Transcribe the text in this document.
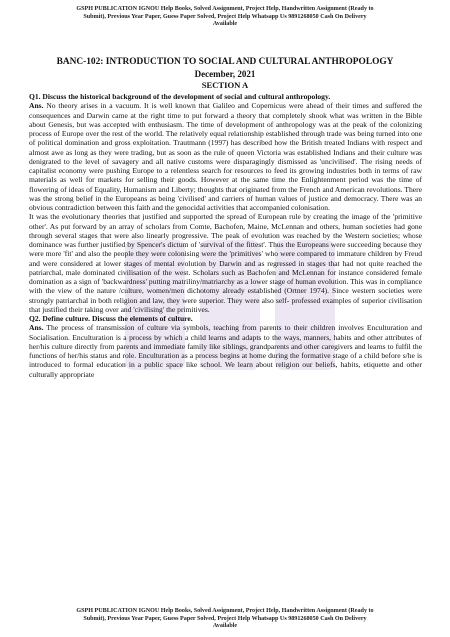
GSPH PUBLICATION IGNOU Help Books, Solved Assignment, Project Help, Handwritten Assignment (Ready to
Submit), Previous Year Paper, Guess Paper Solved, Project Help Whatsapp Us 9891268050 Cash On Delivery
Available
BANC-102: INTRODUCTION TO SOCIAL AND CULTURAL ANTHROPOLOGY
December, 2021
SECTION A
Q1. Discuss the historical background of the development of social and cultural anthropology.
Ans. No theory arises in a vacuum. It is well known that Galileo and Copernicus were ahead of their times and suffered the consequences and Darwin came at the right time to put forward a theory that completely shook what was written in the Bible about Genesis, but was accepted with enthusiasm. The time of development of anthropology was at the peak of the colonizing process of Europe over the rest of the world. The relatively equal relationship established through trade was being turned into one of political domination and gross exploitation. Trautmann (1997) has described how the British treated Indians with respect and almost awe as long as they were trading, but as soon as the rule of queen Victoria was established Indians and their culture was denigrated to the level of savagery and all native customs were disparagingly dismissed as 'uncivilised'. The rising needs of capitalist economy were pushing Europe to a relentless search for resources to feed its growing industries both in terms of raw materials as well for markets for selling their goods. However at the same time the Enlightenment period was the time of flowering of ideas of Equality, Humanism and Liberty; thoughts that originated from the French and American revolutions. There was the strong belief in the Europeans as being 'civilised' and carriers of human values of justice and democracy. There was an obvious contradiction between this faith and the genocidal activities that accompanied colonisation.
It was the evolutionary theories that justified and supported the spread of European rule by creating the image of the 'primitive other'. As put forward by an array of scholars from Comte, Bachofen, Maine, McLennan and others, human societies had gone through several stages that were also linearly progressive. The peak of evolution was reached by the Western societies; whose dominance was further justified by Spencer's dictum of 'survival of the fittest'. Thus the Europeans were succeeding because they were more 'fit' and also the people they were colonising were the 'primitives' who were compared to immature children by Freud and were considered at lower stages of mental evolution by Darwin and as regressed in stages that had not quite reached the patriarchal, male dominated civilisation of the west. Scholars such as Bachofen and McLennan for instance considered female domination as a sign of 'backwardness' putting matriliny/matriarchy as a lower stage of human evolution. This was in compliance with the view of the nature /culture, women/men dichotomy already established (Ortner 1974). Since western societies were strongly patriarchal in both religion and law, they were superior. They were also self- professed examples of superior civilisation that justified their taking over and 'civilising' the primitives.
Q2. Define culture. Discuss the elements of culture.
Ans. The process of transmission of culture via symbols, teaching from parents to their children involves Enculturation and Socialisation. Enculturation is a process by which a child learns and adapts to the ways, manners, habits and other attributes of her/his culture directly from parents and immediate family like siblings, grandparents and other caregivers and learns to fulfil the functions of her/his status and role. Enculturation as a process begins at home during the formative stage of a child before s/he is introduced to formal education in a public space like school. We learn about religion our beliefs, habits, etiquette and other culturally appropriate
GSPH PUBLICATION IGNOU Help Books, Solved Assignment, Project Help, Handwritten Assignment (Ready to
Submit), Previous Year Paper, Guess Paper Solved, Project Help Whatsapp Us 9891268050 Cash On Delivery
Available
